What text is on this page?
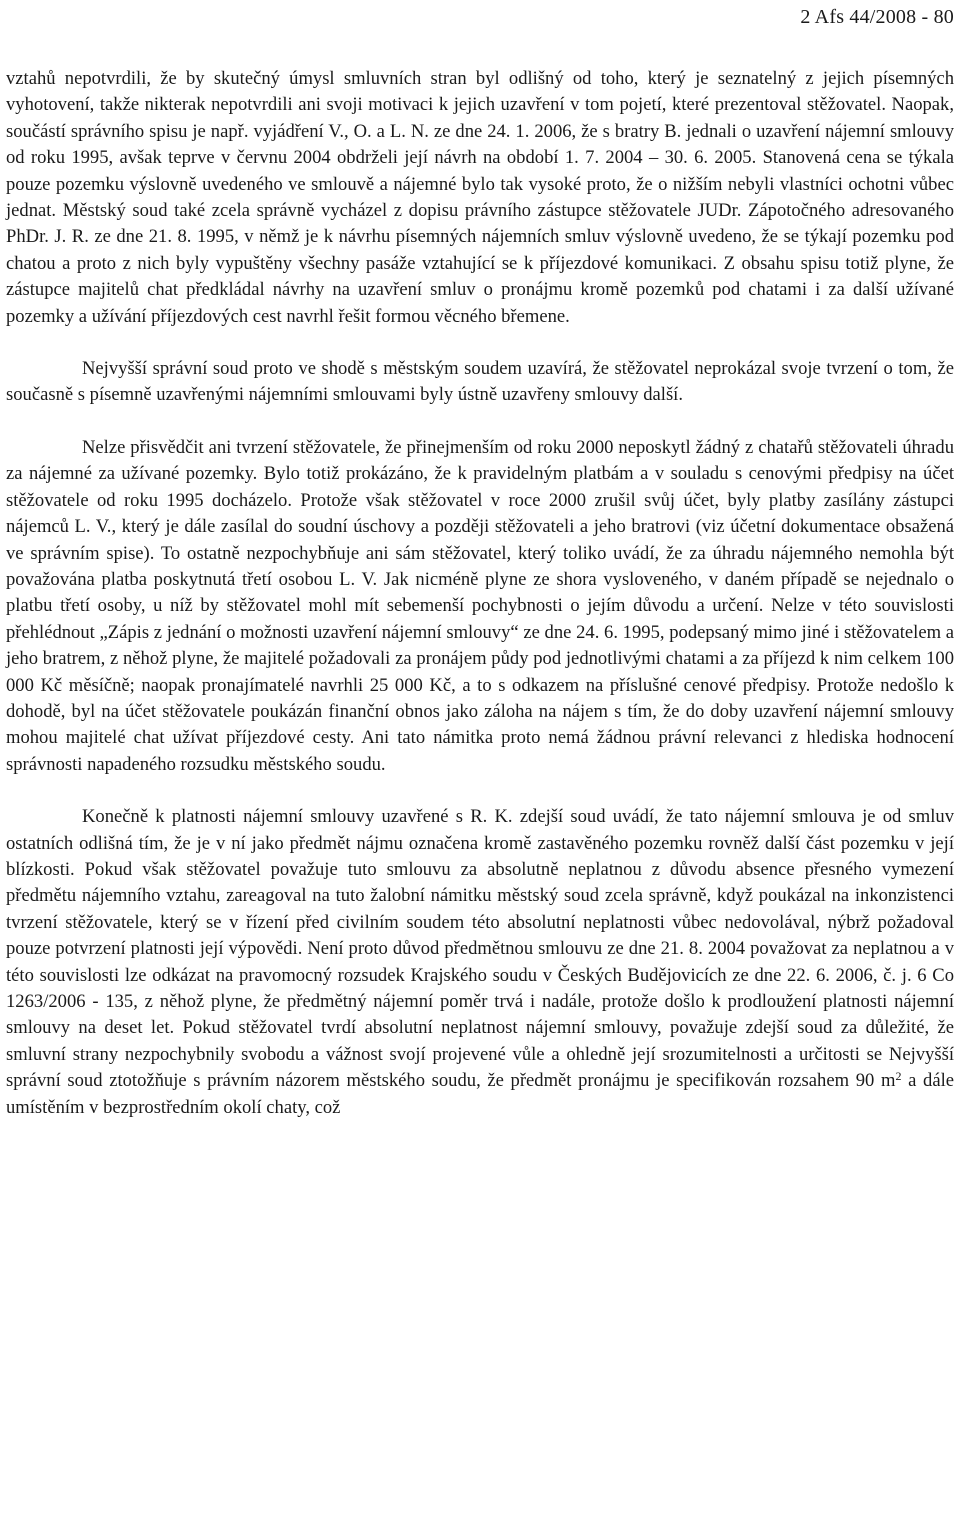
2 Afs 44/2008 - 80

vztahů nepotvrdili, že by skutečný úmysl smluvních stran byl odlišný od toho, který je seznatelný z jejich písemných vyhotovení, takže nikterak nepotvrdili ani svoji motivaci k jejich uzavření v tom pojetí, které prezentoval stěžovatel. Naopak, součástí správního spisu je např. vyjádření V., O. a L. N. ze dne 24. 1. 2006, že s bratry B. jednali o uzavření nájemní smlouvy od roku 1995, avšak teprve v červnu 2004 obdrželi její návrh na období 1. 7. 2004 – 30. 6. 2005. Stanovená cena se týkala pouze pozemku výslovně uvedeného ve smlouvě a nájemné bylo tak vysoké proto, že o nižším nebyli vlastníci ochotni vůbec jednat. Městský soud také zcela správně vycházel z dopisu právního zástupce stěžovatele JUDr. Zápotočného adresovaného PhDr. J. R. ze dne 21. 8. 1995, v němž je k návrhu písemných nájemních smluv výslovně uvedeno, že se týkají pozemku pod chatou a proto z nich byly vypuštěny všechny pasáže vztahující se k příjezdové komunikaci. Z obsahu spisu totiž plyne, že zástupce majitelů chat předkládal návrhy na uzavření smluv o pronájmu kromě pozemků pod chatami i za další užívané pozemky a užívání příjezdových cest navrhl řešit formou věcného břemene.

Nejvyšší správní soud proto ve shodě s městským soudem uzavírá, že stěžovatel neprokázal svoje tvrzení o tom, že současně s písemně uzavřenými nájemními smlouvami byly ústně uzavřeny smlouvy další.

Nelze přisvědčit ani tvrzení stěžovatele, že přinejmenším od roku 2000 neposkytl žádný z chatařů stěžovateli úhradu za nájemné za užívané pozemky. Bylo totiž prokázáno, že k pravidelným platbám a v souladu s cenovými předpisy na účet stěžovatele od roku 1995 docházelo. Protože však stěžovatel v roce 2000 zrušil svůj účet, byly platby zasílány zástupci nájemců L. V., který je dále zasílal do soudní úschovy a později stěžovateli a jeho bratrovi (viz účetní dokumentace obsažená ve správním spise). To ostatně nezpochybňuje ani sám stěžovatel, který toliko uvádí, že za úhradu nájemného nemohla být považována platba poskytnutá třetí osobou L. V. Jak nicméně plyne ze shora vysloveného, v daném případě se nejednalo o platbu třetí osoby, u níž by stěžovatel mohl mít sebemenší pochybnosti o jejím důvodu a určení. Nelze v této souvislosti přehlédnout „Zápis z jednání o možnosti uzavření nájemní smlouvy“ ze dne 24. 6. 1995, podepsaný mimo jiné i stěžovatelem a jeho bratrem, z něhož plyne, že majitelé požadovali za pronájem půdy pod jednotlivými chatami a za příjezd k nim celkem 100 000 Kč měsíčně; naopak pronajímatelé navrhli 25 000 Kč, a to s odkazem na příslušné cenové předpisy. Protože nedošlo k dohodě, byl na účet stěžovatele poukázán finanční obnos jako záloha na nájem s tím, že do doby uzavření nájemní smlouvy mohou majitelé chat užívat příjezdové cesty. Ani tato námitka proto nemá žádnou právní relevanci z hlediska hodnocení správnosti napadeného rozsudku městského soudu.

Konečně k platnosti nájemní smlouvy uzavřené s R. K. zdejší soud uvádí, že tato nájemní smlouva je od smluv ostatních odlišná tím, že je v ní jako předmět nájmu označena kromě zastavěného pozemku rovněž další část pozemku v její blízkosti. Pokud však stěžovatel považuje tuto smlouvu za absolutně neplatnou z důvodu absence přesného vymezení předmětu nájemního vztahu, zareagoval na tuto žalobní námitku městský soud zcela správně, když poukázal na inkonzistenci tvrzení stěžovatele, který se v řízení před civilním soudem této absolutní neplatnosti vůbec nedovolával, nýbrž požadoval pouze potvrzení platnosti její výpovědi. Není proto důvod předmětnou smlouvu ze dne 21. 8. 2004 považovat za neplatnou a v této souvislosti lze odkázat na pravomocný rozsudek Krajského soudu v Českých Budějovicích ze dne 22. 6. 2006, č. j. 6 Co 1263/2006 - 135, z něhož plyne, že předmětný nájemní poměr trvá i nadále, protože došlo k prodloužení platnosti nájemní smlouvy na deset let. Pokud stěžovatel tvrdí absolutní neplatnost nájemní smlouvy, považuje zdejší soud za důležité, že smluvní strany nezpochybnily svobodu a vážnost svojí projevené vůle a ohledně její srozumitelnosti a určitosti se Nejvyšší správní soud ztotožňuje s právním názorem městského soudu, že předmět pronájmu je specifikován rozsahem 90 $m^2$ a dále umístěním v bezprostředním okolí chaty, což
